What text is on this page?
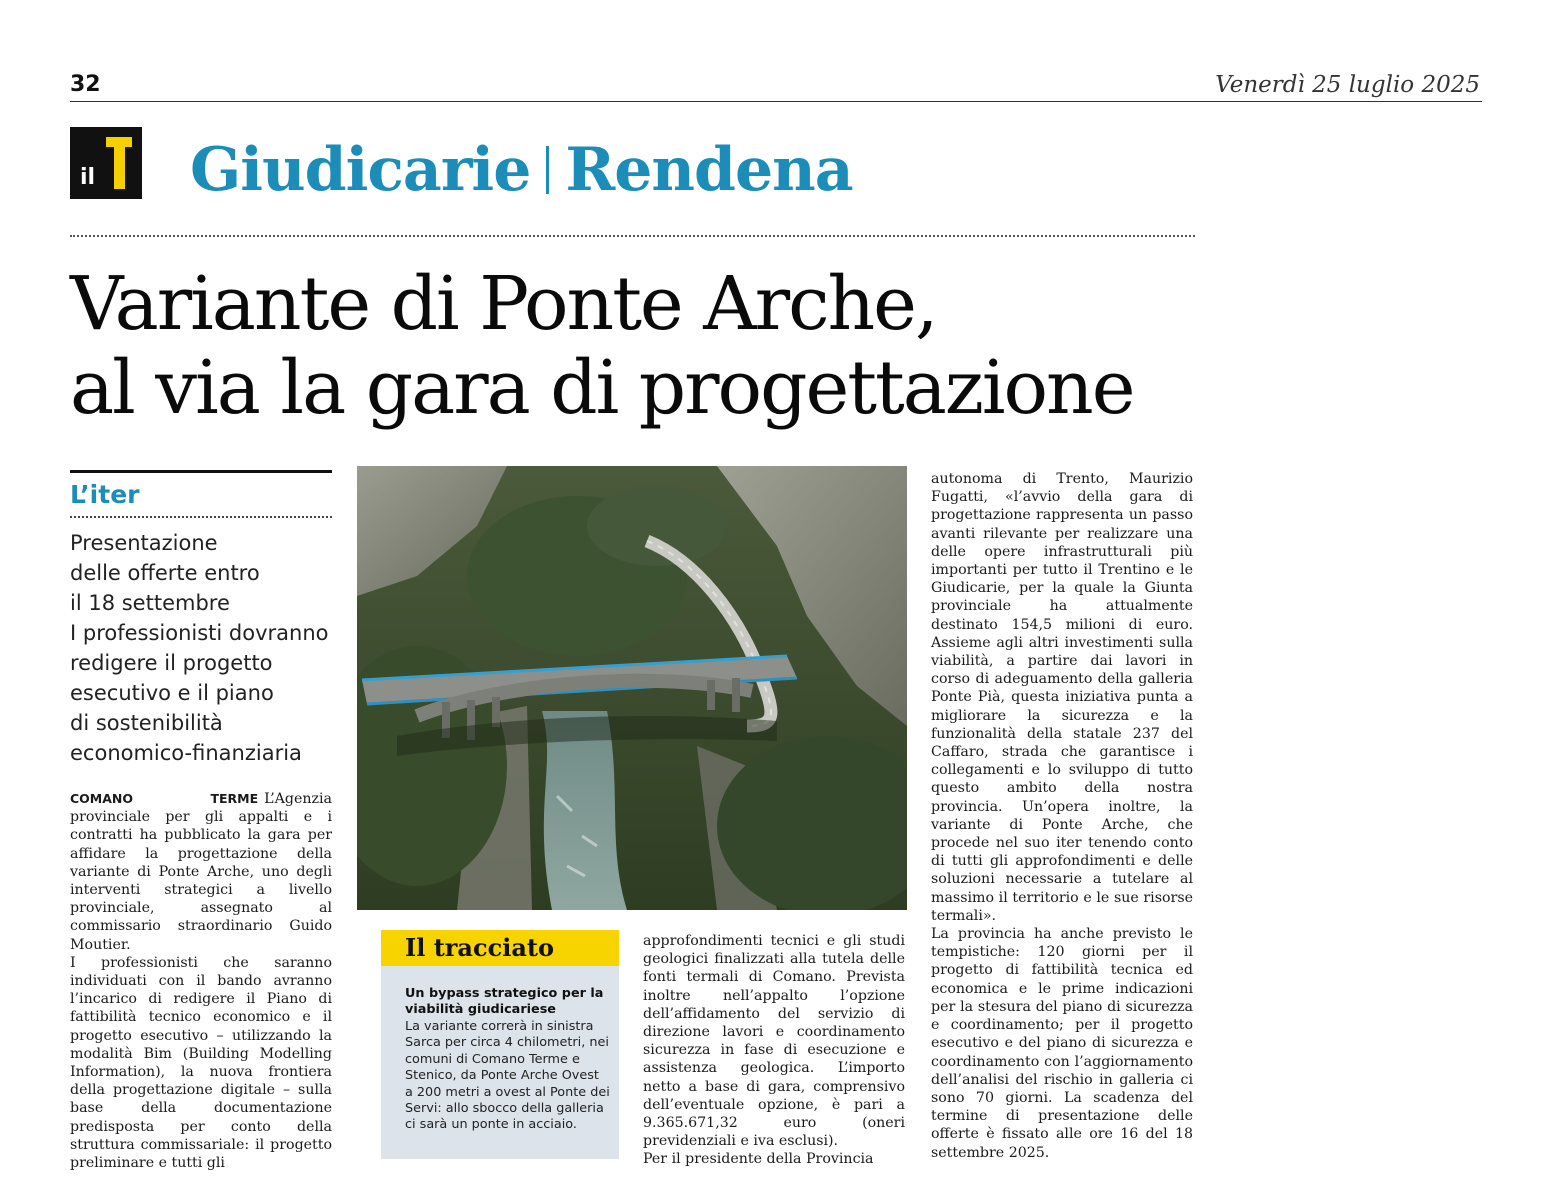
32	Venerdì 25 luglio 2025
il Giudicarie Rendena
Variante di Ponte Arche,
al via la gara di progettazione
L’iter

Presentazione
delle offerte entro
il 18 settembre
I professionisti dovranno
redigere il progetto
esecutivo e il piano
di sostenibilità
economico-finanziaria

COMANO TERME L’Agenzia provinciale per gli appalti e i contratti ha pubblicato la gara per affidare la progettazione della variante di Ponte Arche, uno degli interventi strategici a livello provinciale, assegnato al commissario straordinario Guido Moutier.

I professionisti che saranno individuati con il bando avranno l’incarico di redigere il Piano di fattibilità tecnico economico e il progetto esecutivo – utilizzando la modalità Bim (Building Modelling Information), la nuova frontiera della progettazione digitale – sulla base della documentazione predisposta per conto della struttura commissariale: il progetto preliminare e tutti gli

Il tracciato
Un bypass strategico per la viabilità giudicariese
La variante correrà in sinistra Sarca per circa 4 chilometri, nei comuni di Comano Terme e Stenico, da Ponte Arche Ovest a 200 metri a ovest al Ponte dei Servi: allo sbocco della galleria ci sarà un ponte in acciaio.

approfondimenti tecnici e gli studi geologici finalizzati alla tutela delle fonti termali di Comano. Prevista inoltre nell’appalto l’opzione dell’affidamento del servizio di direzione lavori e coordinamento sicurezza in fase di esecuzione e assistenza geologica. L’importo netto a base di gara, comprensivo dell’eventuale opzione, è pari a 9.365.671,32 euro (oneri previdenziali e iva esclusi).

Per il presidente della Provincia

autonoma di Trento, Maurizio Fugatti, «l’avvio della gara di progettazione rappresenta un passo avanti rilevante per realizzare una delle opere infrastrutturali più importanti per tutto il Trentino e le Giudicarie, per la quale la Giunta provinciale ha attualmente destinato 154,5 milioni di euro. Assieme agli altri investimenti sulla viabilità, a partire dai lavori in corso di adeguamento della galleria Ponte Pià, questa iniziativa punta a migliorare la sicurezza e la funzionalità della statale 237 del Caffaro, strada che garantisce i collegamenti e lo sviluppo di tutto questo ambito della nostra provincia. Un’opera inoltre, la variante di Ponte Arche, che procede nel suo iter tenendo conto di tutti gli approfondimenti e delle soluzioni necessarie a tutelare al massimo il territorio e le sue risorse termali».

La provincia ha anche previsto le tempistiche: 120 giorni per il progetto di fattibilità tecnica ed economica e le prime indicazioni per la stesura del piano di sicurezza e coordinamento; per il progetto esecutivo e del piano di sicurezza e coordinamento con l’aggiornamento dell’analisi del rischio in galleria ci sono 70 giorni. La scadenza del termine di presentazione delle offerte è fissato alle ore 16 del 18 settembre 2025.
